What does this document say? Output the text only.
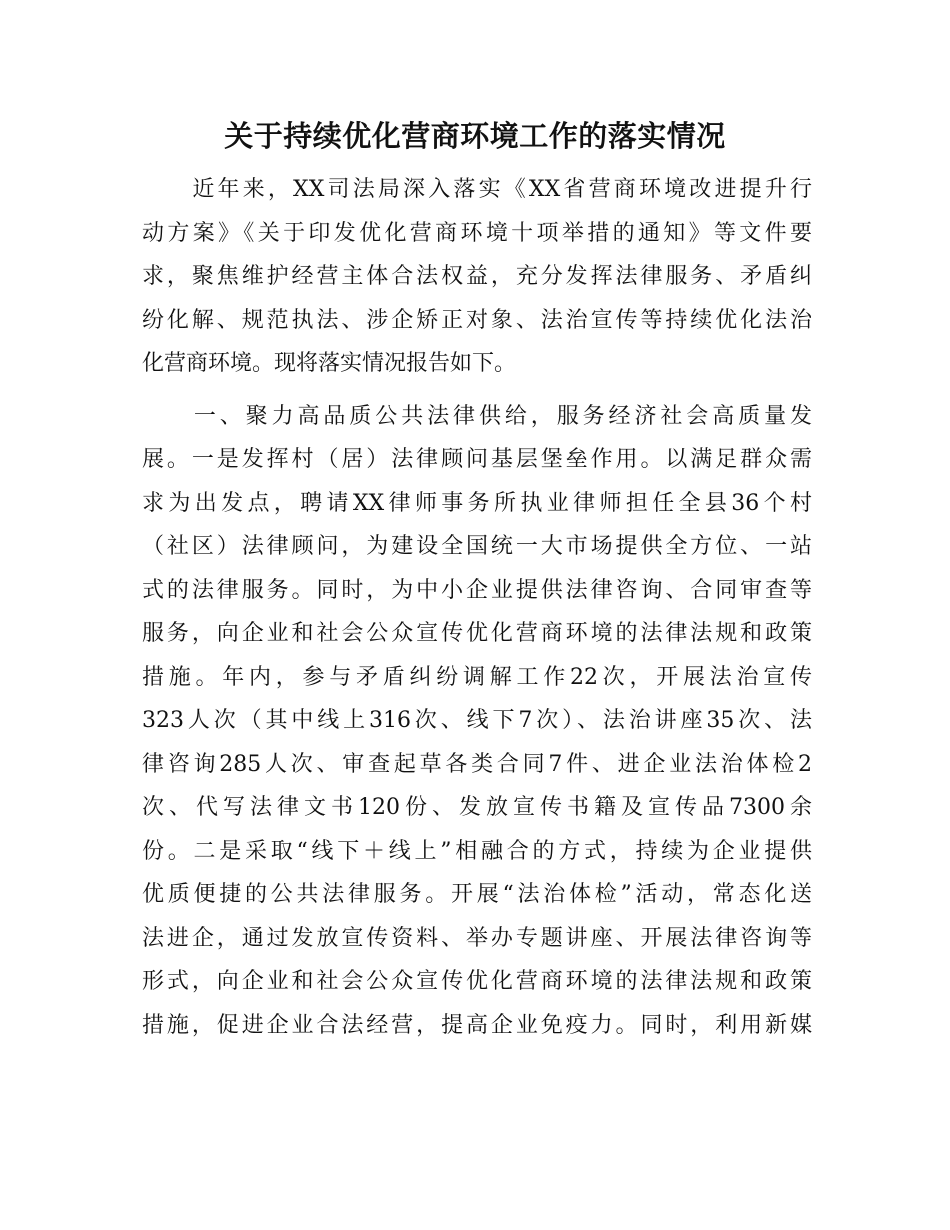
关于持续优化营商环境工作的落实情况
　　近年来，XX司法局深入落实《XX省营商环境改进提升行
动方案》《关于印发优化营商环境十项举措的通知》等文件要
求，聚焦维护经营主体合法权益，充分发挥法律服务、矛盾纠
纷化解、规范执法、涉企矫正对象、法治宣传等持续优化法治
化营商环境。现将落实情况报告如下。
　　一、聚力高品质公共法律供给，服务经济社会高质量发
展。一是发挥村（居）法律顾问基层堡垒作用。以满足群众需
求为出发点，聘请XX律师事务所执业律师担任全县36个村
（社区）法律顾问，为建设全国统一大市场提供全方位、一站
式的法律服务。同时，为中小企业提供法律咨询、合同审查等
服务，向企业和社会公众宣传优化营商环境的法律法规和政策
措施。年内，参与矛盾纠纷调解工作22次，开展法治宣传
323人次（其中线上316次、线下7次）、法治讲座35次、法
律咨询285人次、审查起草各类合同7件、进企业法治体检2
次、代写法律文书120份、发放宣传书籍及宣传品7300余
份。二是采取“线下＋线上”相融合的方式，持续为企业提供
优质便捷的公共法律服务。开展“法治体检”活动，常态化送
法进企，通过发放宣传资料、举办专题讲座、开展法律咨询等
形式，向企业和社会公众宣传优化营商环境的法律法规和政策
措施，促进企业合法经营，提高企业免疫力。同时，利用新媒
